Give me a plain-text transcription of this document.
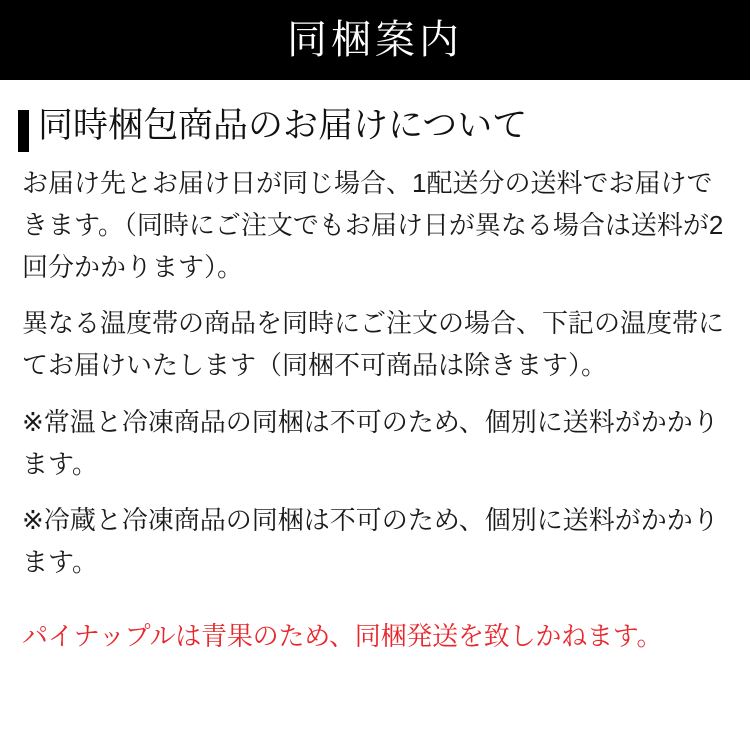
同梱案内
同時梱包商品のお届けについて

お届け先とお届け日が同じ場合、1配送分の送料でお届けできます。（同時にご注文でもお届け日が異なる場合は送料が2回分かかります）。

異なる温度帯の商品を同時にご注文の場合、下記の温度帯にてお届けいたします（同梱不可商品は除きます）。

※常温と冷凍商品の同梱は不可のため、個別に送料がかかります。

※冷蔵と冷凍商品の同梱は不可のため、個別に送料がかかります。

パイナップルは青果のため、同梱発送を致しかねます。
